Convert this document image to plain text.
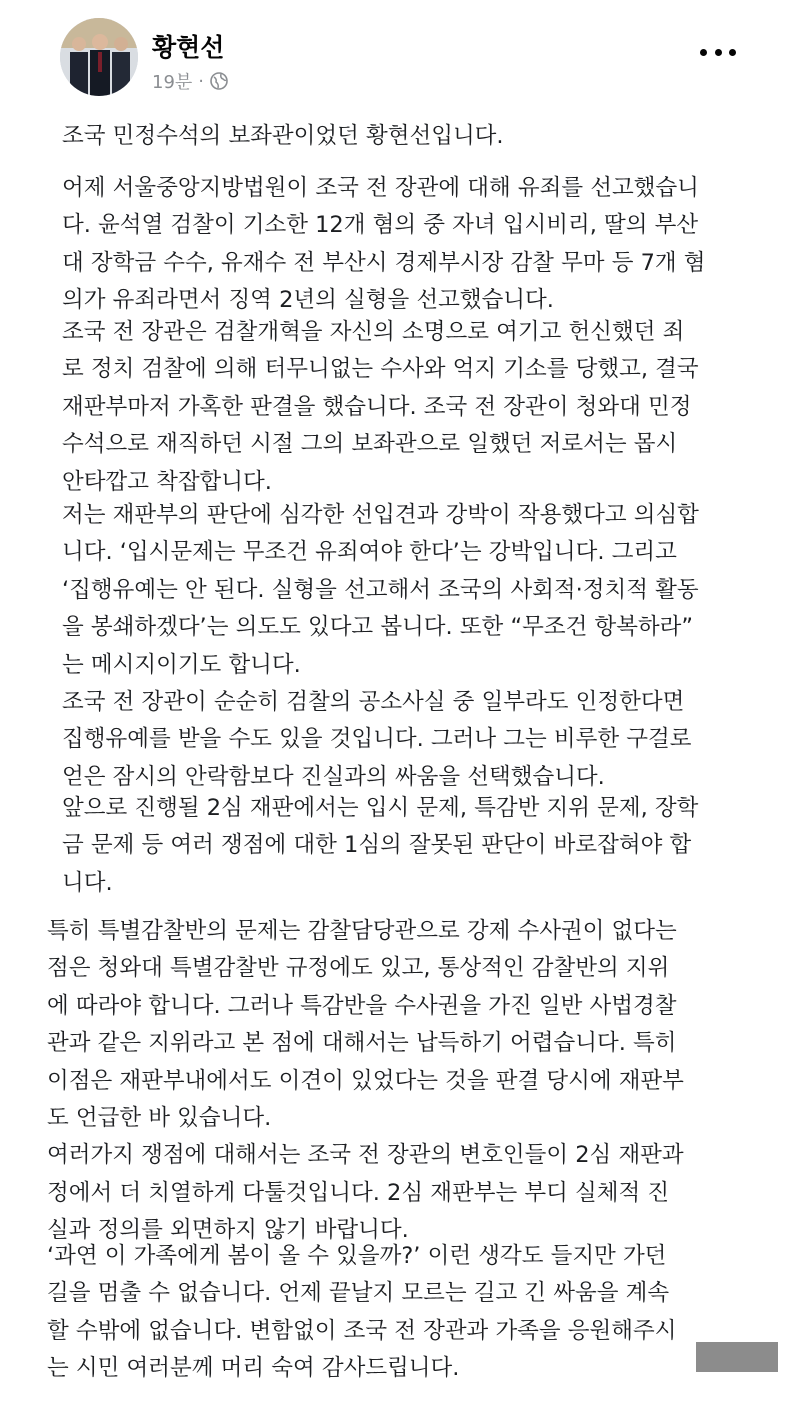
황현선
19분 ·
조국 민정수석의 보좌관이었던 황현선입니다.
어제 서울중앙지방법원이 조국 전 장관에 대해 유죄를 선고했습니
다. 윤석열 검찰이 기소한 12개 혐의 중 자녀 입시비리, 딸의 부산
대 장학금 수수, 유재수 전 부산시 경제부시장 감찰 무마 등 7개 혐
의가 유죄라면서 징역 2년의 실형을 선고했습니다.
조국 전 장관은 검찰개혁을 자신의 소명으로 여기고 헌신했던 죄
로 정치 검찰에 의해 터무니없는 수사와 억지 기소를 당했고, 결국
재판부마저 가혹한 판결을 했습니다. 조국 전 장관이 청와대 민정
수석으로 재직하던 시절 그의 보좌관으로 일했던 저로서는 몹시
안타깝고 착잡합니다.
저는 재판부의 판단에 심각한 선입견과 강박이 작용했다고 의심합
니다. ‘입시문제는 무조건 유죄여야 한다’는 강박입니다. 그리고
‘집행유예는 안 된다. 실형을 선고해서 조국의 사회적·정치적 활동
을 봉쇄하겠다’는 의도도 있다고 봅니다. 또한 “무조건 항복하라”
는 메시지이기도 합니다.
조국 전 장관이 순순히 검찰의 공소사실 중 일부라도 인정한다면
집행유예를 받을 수도 있을 것입니다. 그러나 그는 비루한 구걸로
얻은 잠시의 안락함보다 진실과의 싸움을 선택했습니다.
앞으로 진행될 2심 재판에서는 입시 문제, 특감반 지위 문제, 장학
금 문제 등 여러 쟁점에 대한 1심의 잘못된 판단이 바로잡혀야 합
니다.
특히 특별감찰반의 문제는 감찰담당관으로 강제 수사권이 없다는
점은 청와대 특별감찰반 규정에도 있고, 통상적인 감찰반의 지위
에 따라야 합니다. 그러나 특감반을 수사권을 가진 일반 사법경찰
관과 같은 지위라고 본 점에 대해서는 납득하기 어렵습니다. 특히
이점은 재판부내에서도 이견이 있었다는 것을 판결 당시에 재판부
도 언급한 바 있습니다.
여러가지 쟁점에 대해서는 조국 전 장관의 변호인들이 2심 재판과
정에서 더 치열하게 다툴것입니다. 2심 재판부는 부디 실체적 진
실과 정의를 외면하지 않기 바랍니다.
‘과연 이 가족에게 봄이 올 수 있을까?’ 이런 생각도 들지만 가던
길을 멈출 수 없습니다. 언제 끝날지 모르는 길고 긴 싸움을 계속
할 수밖에 없습니다. 변함없이 조국 전 장관과 가족을 응원해주시
는 시민 여러분께 머리 숙여 감사드립니다.
